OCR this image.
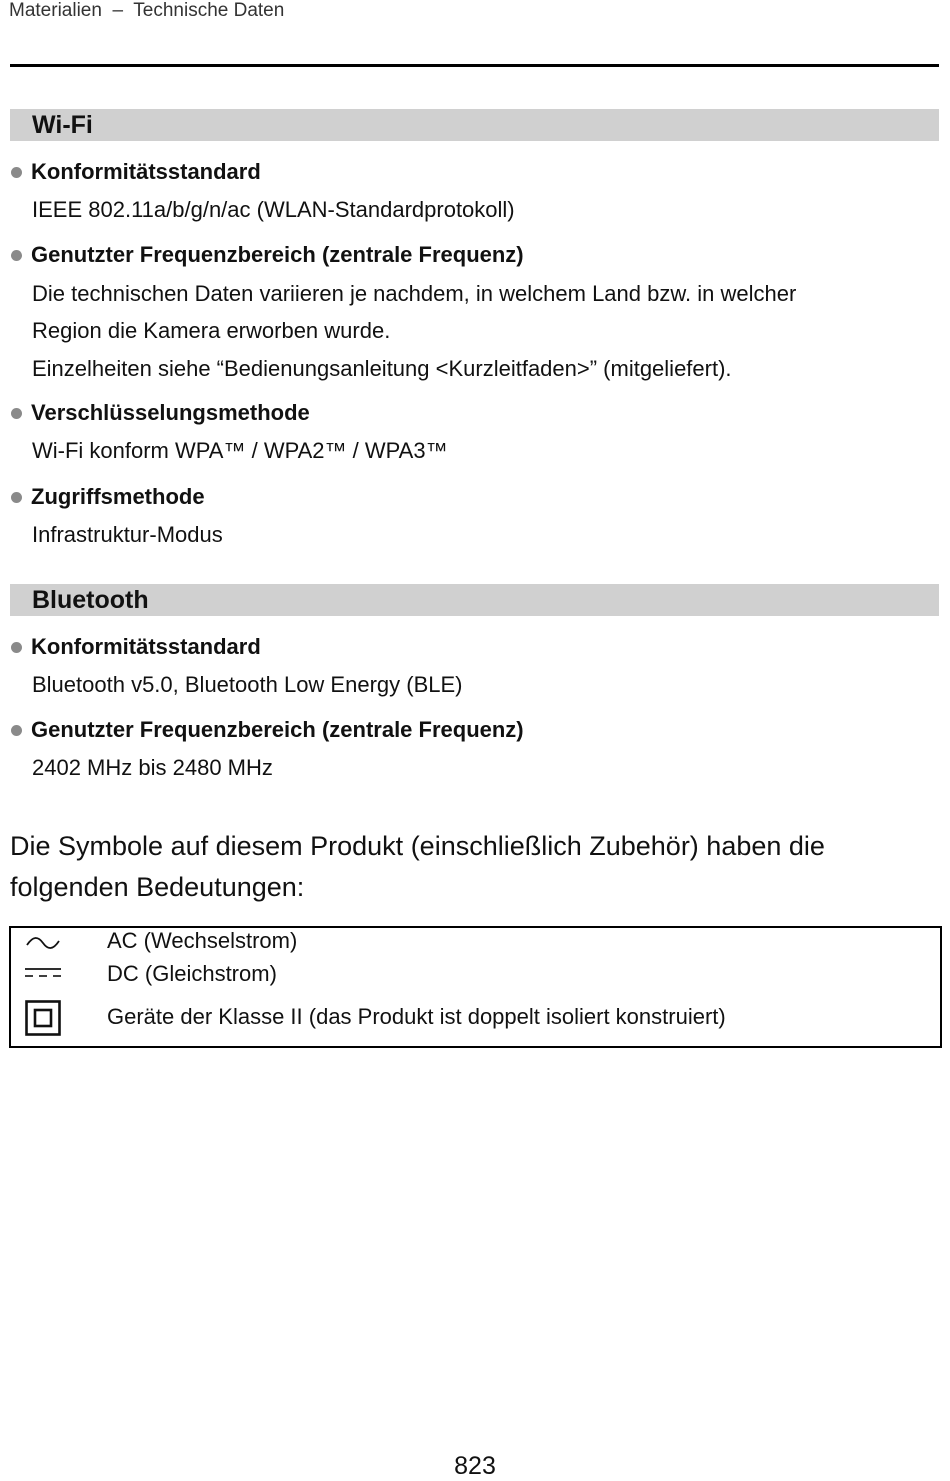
Materialien  –  Technische Daten
Wi-Fi
Konformitätsstandard
IEEE 802.11a/b/g/n/ac (WLAN-Standardprotokoll)
Genutzter Frequenzbereich (zentrale Frequenz)
Die technischen Daten variieren je nachdem, in welchem Land bzw. in welcher
Region die Kamera erworben wurde.
Einzelheiten siehe “Bedienungsanleitung <Kurzleitfaden>” (mitgeliefert).
Verschlüsselungsmethode
Wi-Fi konform WPA™ / WPA2™ / WPA3™
Zugriffsmethode
Infrastruktur-Modus
Bluetooth
Konformitätsstandard
Bluetooth v5.0, Bluetooth Low Energy (BLE)
Genutzter Frequenzbereich (zentrale Frequenz)
2402 MHz bis 2480 MHz
Die Symbole auf diesem Produkt (einschließlich Zubehör) haben die
folgenden Bedeutungen:
AC (Wechselstrom)
DC (Gleichstrom)
Geräte der Klasse II (das Produkt ist doppelt isoliert konstruiert)
823
